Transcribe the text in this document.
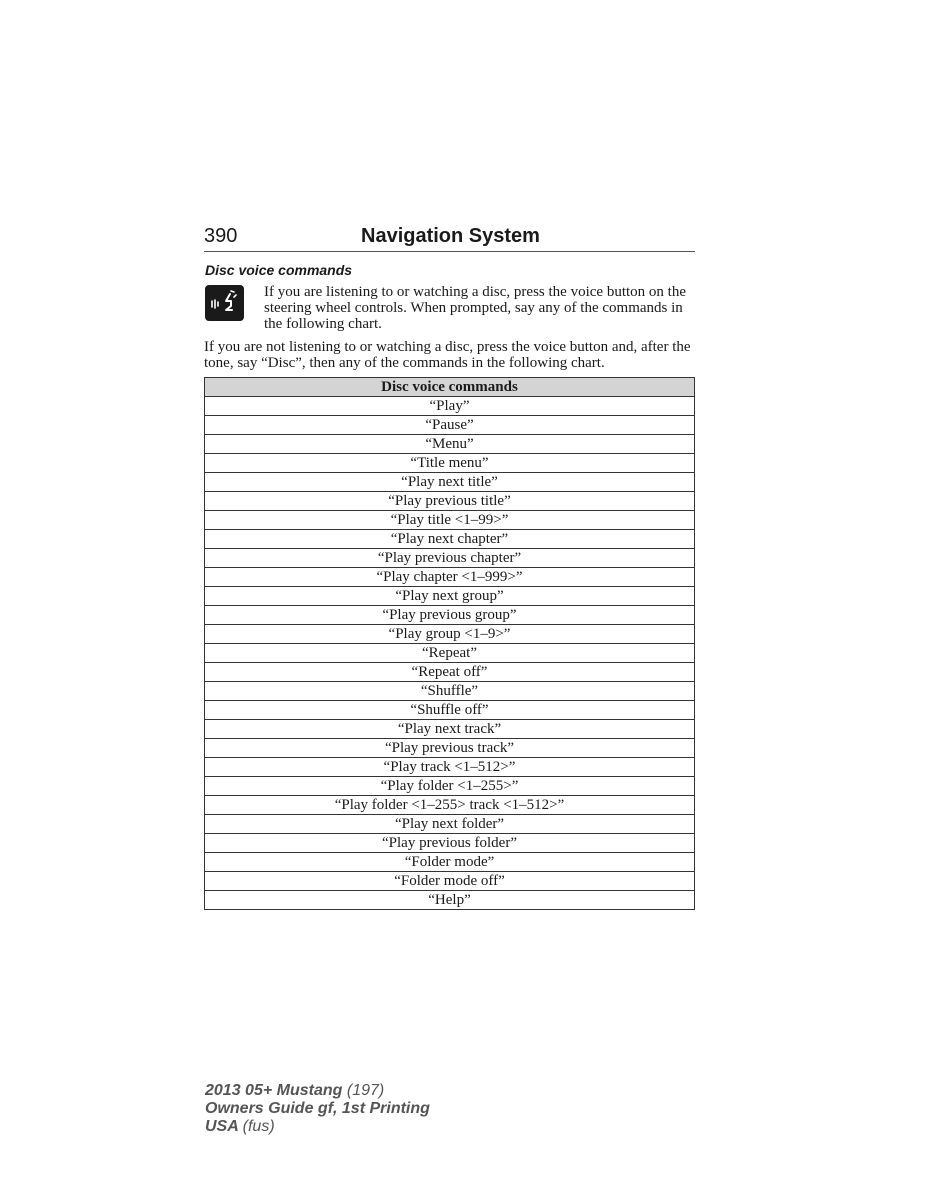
390	Navigation System
Disc voice commands
If you are listening to or watching a disc, press the voice button on the steering wheel controls. When prompted, say any of the commands in the following chart.
If you are not listening to or watching a disc, press the voice button and, after the tone, say “Disc”, then any of the commands in the following chart.
Disc voice commands
“Play”
“Pause”
“Menu”
“Title menu”
“Play next title”
“Play previous title”
“Play title <1–99>”
“Play next chapter”
“Play previous chapter”
“Play chapter <1–999>”
“Play next group”
“Play previous group”
“Play group <1–9>”
“Repeat”
“Repeat off”
“Shuffle”
“Shuffle off”
“Play next track”
“Play previous track”
“Play track <1–512>”
“Play folder <1–255>”
“Play folder <1–255> track <1–512>”
“Play next folder”
“Play previous folder”
“Folder mode”
“Folder mode off”
“Help”
2013 05+ Mustang (197)
Owners Guide gf, 1st Printing
USA (fus)
